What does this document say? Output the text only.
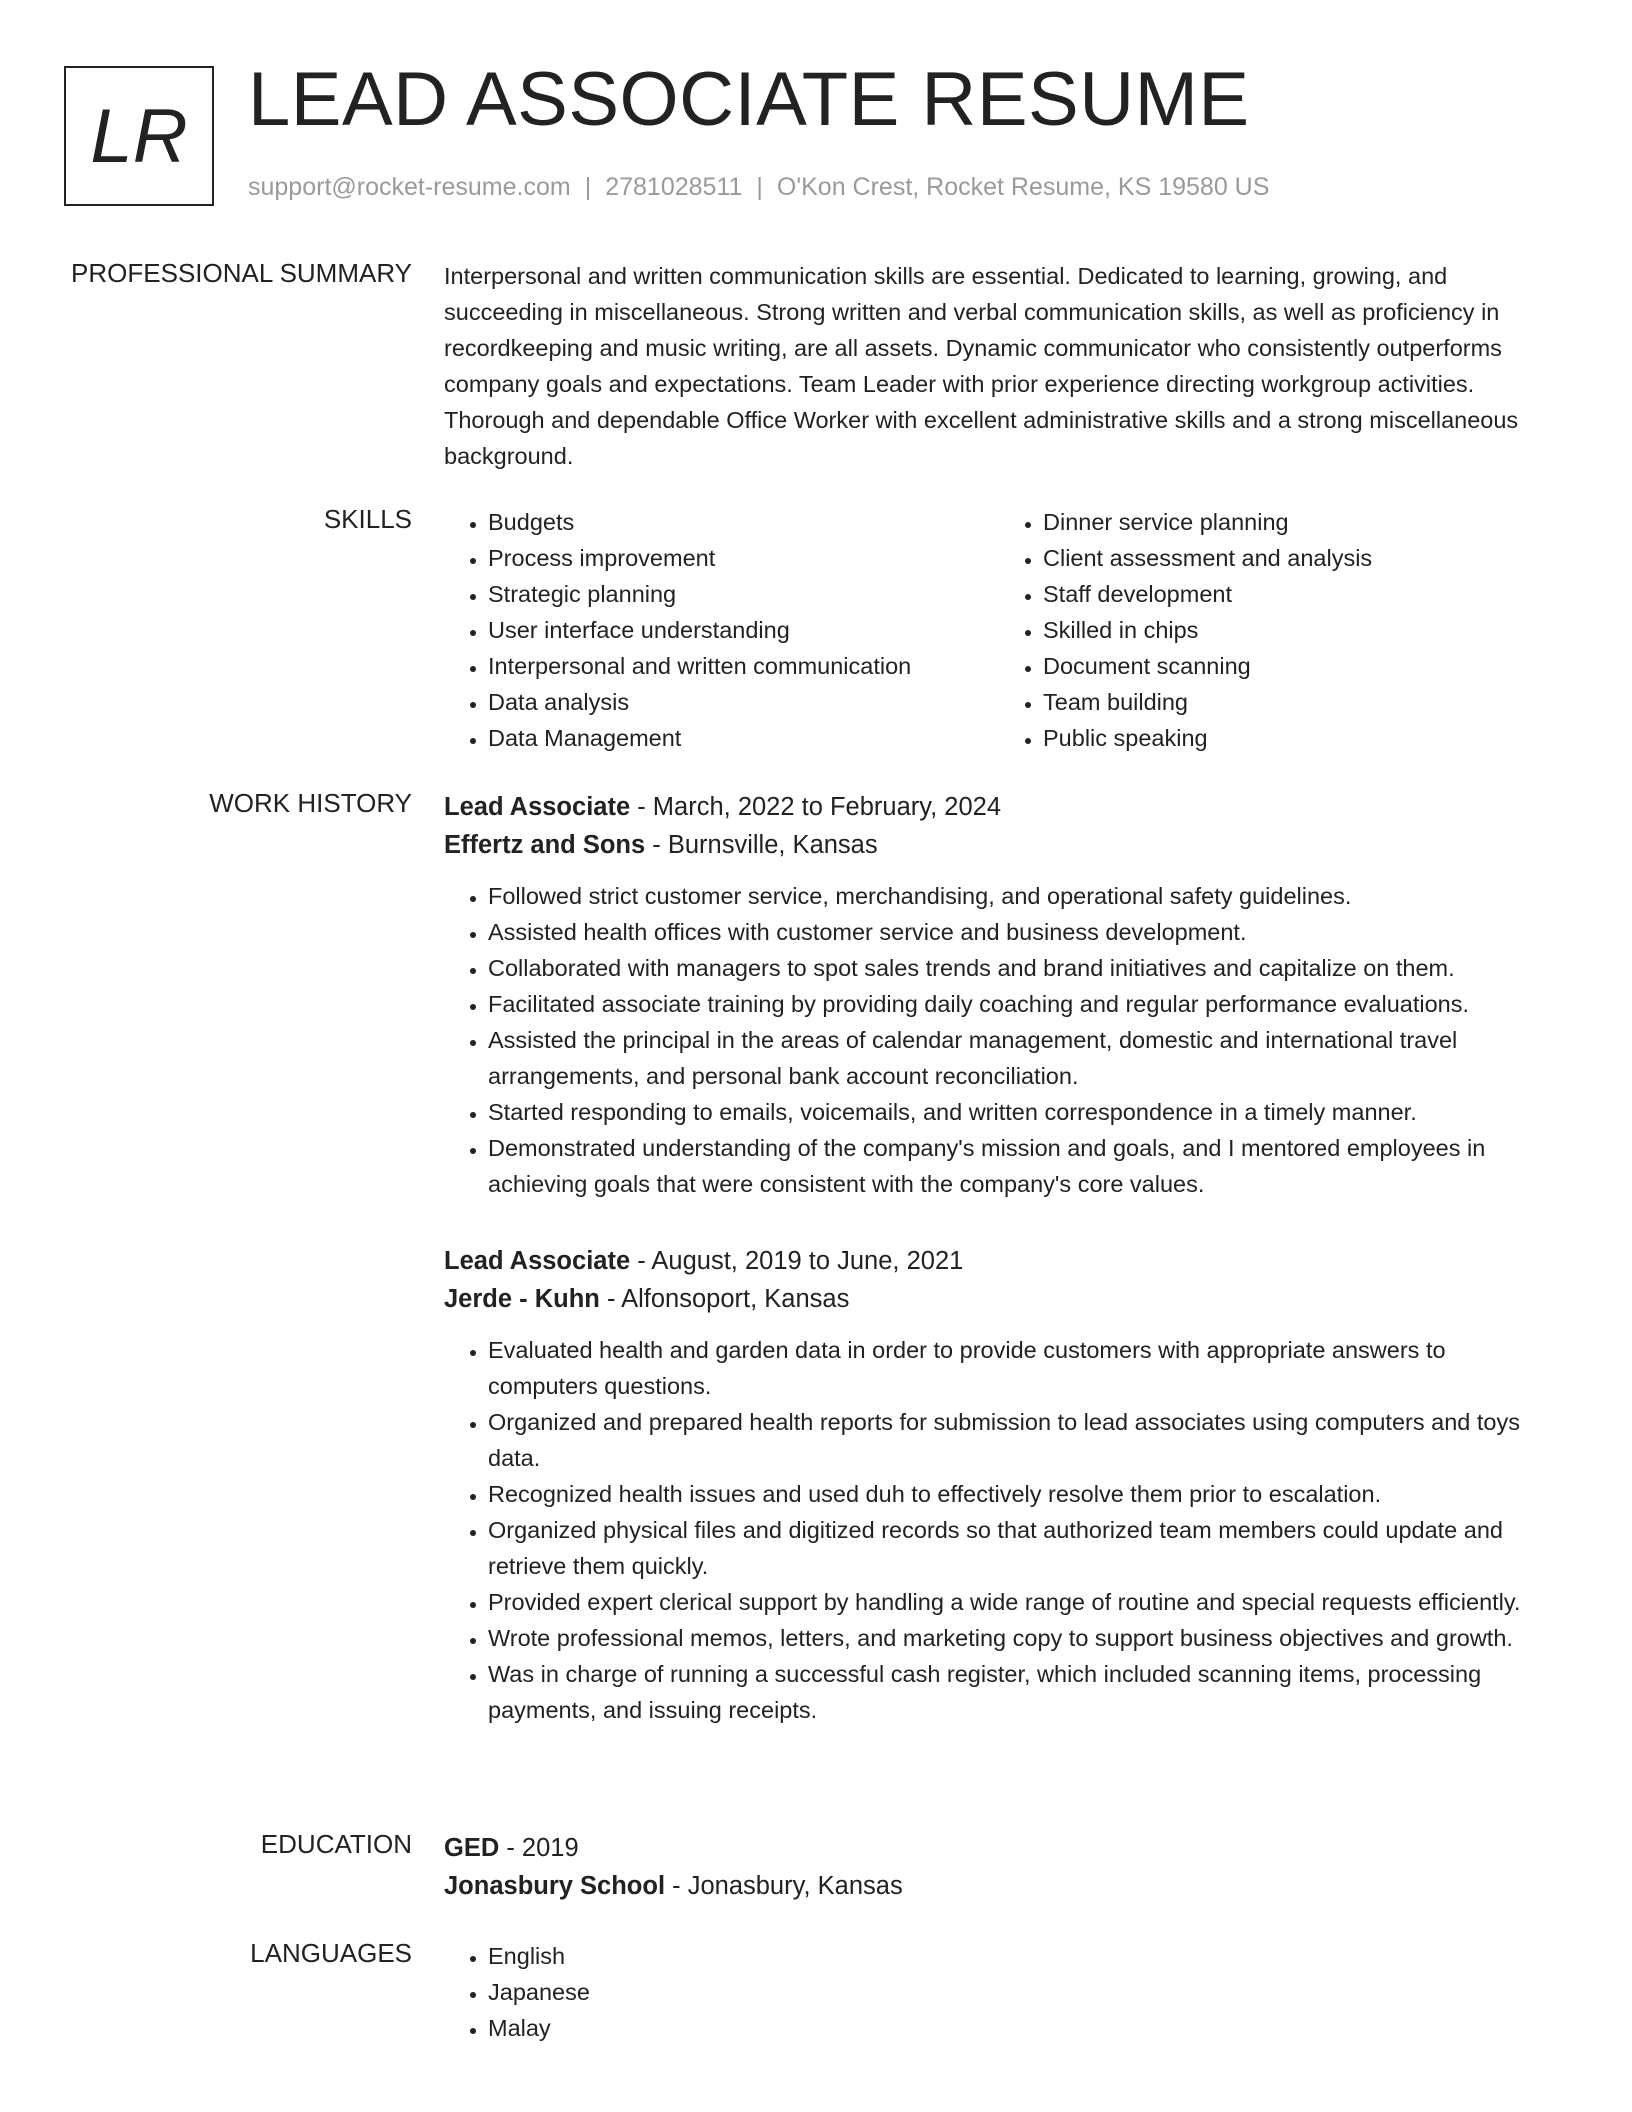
LR LEAD ASSOCIATE RESUME
support@rocket-resume.com | 2781028511 | O'Kon Crest, Rocket Resume, KS 19580 US
PROFESSIONAL SUMMARY Interpersonal and written communication skills are essential. Dedicated to learning, growing, and succeeding in miscellaneous. Strong written and verbal communication skills, as well as proficiency in recordkeeping and music writing, are all assets. Dynamic communicator who consistently outperforms company goals and expectations. Team Leader with prior experience directing workgroup activities. Thorough and dependable Office Worker with excellent administrative skills and a strong miscellaneous background.

SKILLS	• Budgets
• Process improvement
• Strategic planning
• User interface understanding
• Interpersonal and written communication
• Data analysis
• Data Management
• Dinner service planning
• Client assessment and analysis
• Staff development
• Skilled in chips
• Document scanning
• Team building
• Public speaking
WORK HISTORY Lead Associate - March, 2022 to February, 2024
Effertz and Sons - Burnsville, Kansas
• Followed strict customer service, merchandising, and operational safety guidelines.
• Assisted health offices with customer service and business development.
• Collaborated with managers to spot sales trends and brand initiatives and capitalize on them.
• Facilitated associate training by providing daily coaching and regular performance evaluations.
• Assisted the principal in the areas of calendar management, domestic and international travel arrangements, and personal bank account reconciliation.
• Started responding to emails, voicemails, and written correspondence in a timely manner.
• Demonstrated understanding of the company's mission and goals, and I mentored employees in achieving goals that were consistent with the company's core values.
Lead Associate - August, 2019 to June, 2021
Jerde - Kuhn - Alfonsoport, Kansas
• Evaluated health and garden data in order to provide customers with appropriate answers to computers questions.
• Organized and prepared health reports for submission to lead associates using computers and toys data.
• Recognized health issues and used duh to effectively resolve them prior to escalation.
• Organized physical files and digitized records so that authorized team members could update and retrieve them quickly.
• Provided expert clerical support by handling a wide range of routine and special requests efficiently.
• Wrote professional memos, letters, and marketing copy to support business objectives and growth.
• Was in charge of running a successful cash register, which included scanning items, processing payments, and issuing receipts.
EDUCATION GED - 2019
Jonasbury School - Jonasbury, Kansas
LANGUAGES	• English
• Japanese
• Malay
